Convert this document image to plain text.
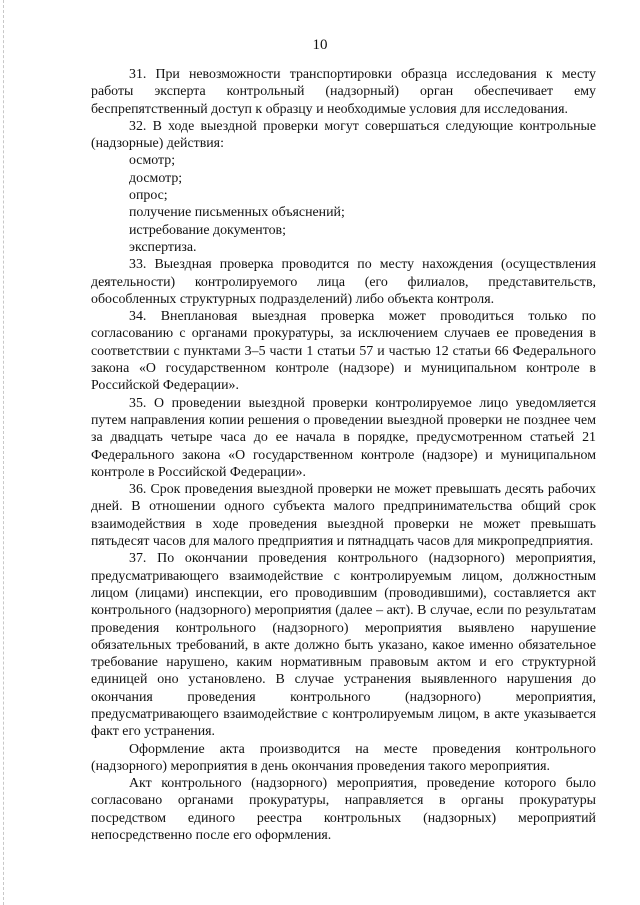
10

31. При невозможности транспортировки образца исследования к месту работы эксперта контрольный (надзорный) орган обеспечивает ему беспрепятственный доступ к образцу и необходимые условия для исследования.

32. В ходе выездной проверки могут совершаться следующие контрольные (надзорные) действия:

осмотр;

досмотр;

опрос;

получение письменных объяснений;

истребование документов;

экспертиза.

33. Выездная проверка проводится по месту нахождения (осуществления деятельности) контролируемого лица (его филиалов, представительств, обособленных структурных подразделений) либо объекта контроля.

34. Внеплановая выездная проверка может проводиться только по согласованию с органами прокуратуры, за исключением случаев ее проведения в соответствии с пунктами 3–5 части 1 статьи 57 и частью 12 статьи 66 Федерального закона «О государственном контроле (надзоре) и муниципальном контроле в Российской Федерации».

35. О проведении выездной проверки контролируемое лицо уведомляется путем направления копии решения о проведении выездной проверки не позднее чем за двадцать четыре часа до ее начала в порядке, предусмотренном статьей 21 Федерального закона «О государственном контроле (надзоре) и муниципальном контроле в Российской Федерации».

36. Срок проведения выездной проверки не может превышать десять рабочих дней. В отношении одного субъекта малого предпринимательства общий срок взаимодействия в ходе проведения выездной проверки не может превышать пятьдесят часов для малого предприятия и пятнадцать часов для микропредприятия.

37. По окончании проведения контрольного (надзорного) мероприятия, предусматривающего взаимодействие с контролируемым лицом, должностным лицом (лицами) инспекции, его проводившим (проводившими), составляется акт контрольного (надзорного) мероприятия (далее – акт). В случае, если по результатам проведения контрольного (надзорного) мероприятия выявлено нарушение обязательных требований, в акте должно быть указано, какое именно обязательное требование нарушено, каким нормативным правовым актом и его структурной единицей оно установлено. В случае устранения выявленного нарушения до окончания проведения контрольного (надзорного) мероприятия, предусматривающего взаимодействие с контролируемым лицом, в акте указывается факт его устранения.

Оформление акта производится на месте проведения контрольного (надзорного) мероприятия в день окончания проведения такого мероприятия.

Акт контрольного (надзорного) мероприятия, проведение которого было согласовано органами прокуратуры, направляется в органы прокуратуры посредством единого реестра контрольных (надзорных) мероприятий непосредственно после его оформления.
